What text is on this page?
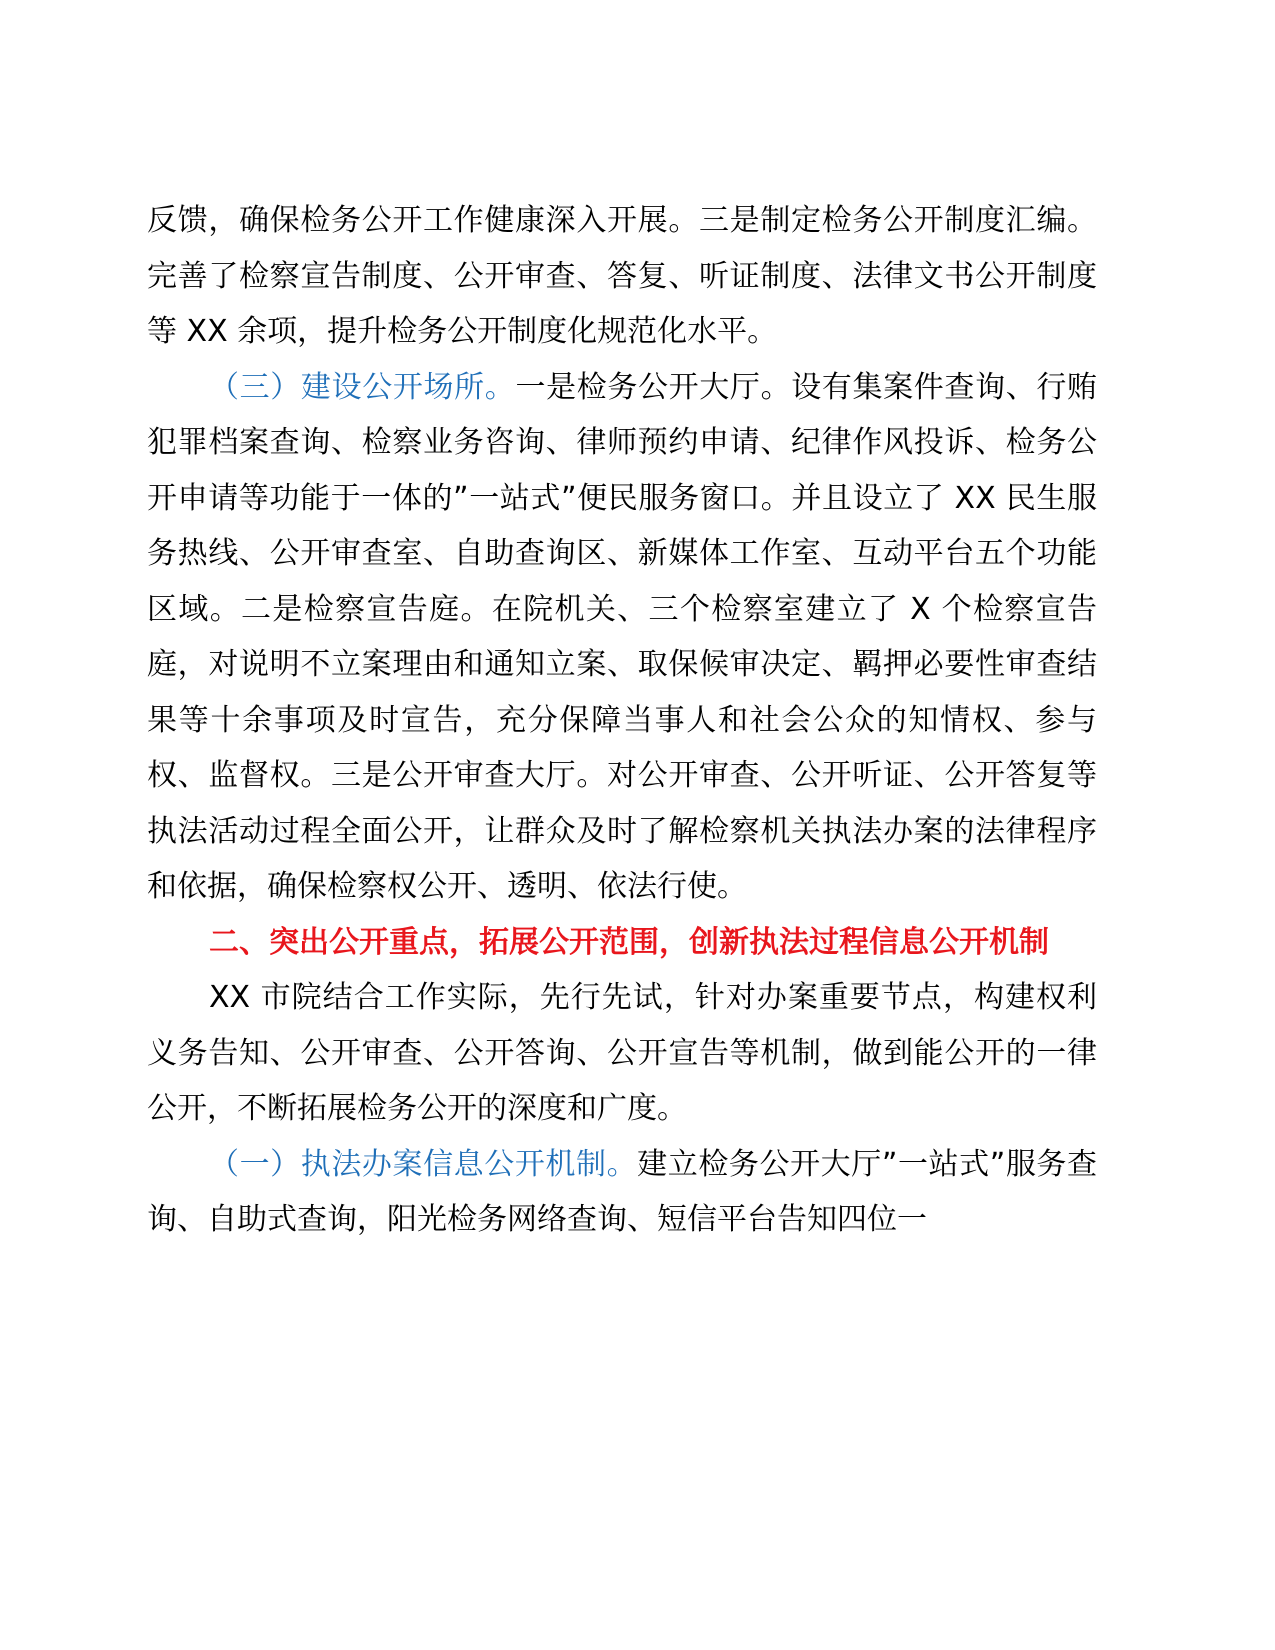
反馈，确保检务公开工作健康深入开展。三是制定检务公开制度汇编。完善了检察宣告制度、公开审查、答复、听证制度、法律文书公开制度等 XX 余项，提升检务公开制度化规范化水平。

（三）建设公开场所。一是检务公开大厅。设有集案件查询、行贿犯罪档案查询、检察业务咨询、律师预约申请、纪律作风投诉、检务公开申请等功能于一体的”一站式”便民服务窗口。并且设立了 XX 民生服务热线、公开审查室、自助查询区、新媒体工作室、互动平台五个功能区域。二是检察宣告庭。在院机关、三个检察室建立了 X 个检察宣告庭，对说明不立案理由和通知立案、取保候审决定、羁押必要性审查结果等十余事项及时宣告，充分保障当事人和社会公众的知情权、参与权、监督权。三是公开审查大厅。对公开审查、公开听证、公开答复等执法活动过程全面公开，让群众及时了解检察机关执法办案的法律程序和依据，确保检察权公开、透明、依法行使。

二、突出公开重点，拓展公开范围，创新执法过程信息公开机制

XX 市院结合工作实际，先行先试，针对办案重要节点，构建权利义务告知、公开审查、公开答询、公开宣告等机制，做到能公开的一律公开，不断拓展检务公开的深度和广度。

（一）执法办案信息公开机制。建立检务公开大厅”一站式”服务查询、自助式查询，阳光检务网络查询、短信平台告知四位一
